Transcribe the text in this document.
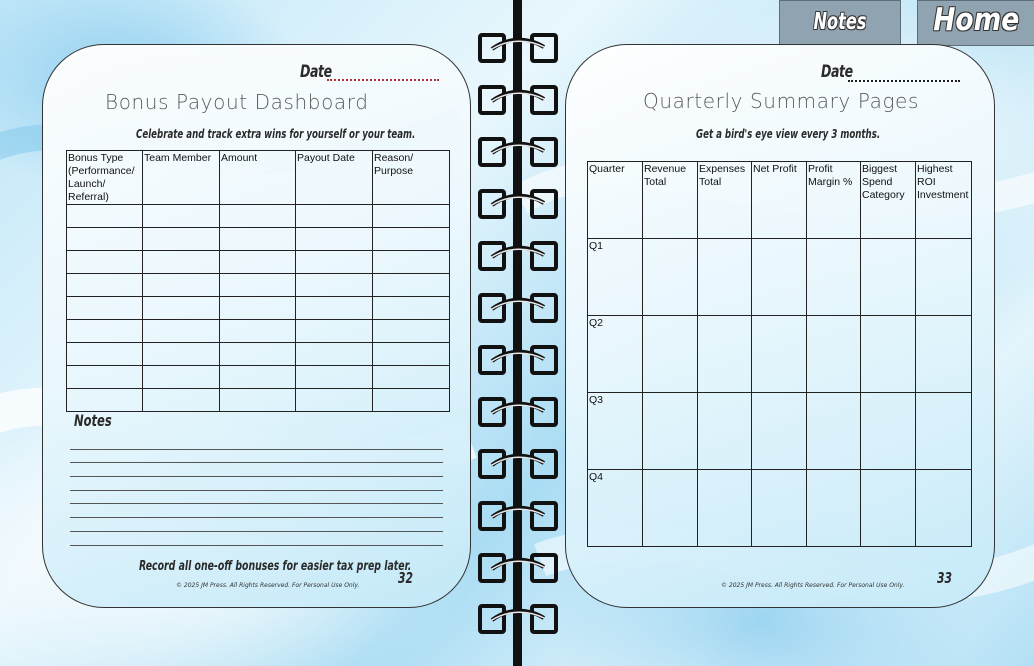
Notes	Home
Date
Bonus Payout Dashboard
Celebrate and track extra wins for yourself or your team.
Bonus Type (Performance/ Launch/ Referral)	Team Member	Amount	Payout Date	Reason/ Purpose

Notes
Record all one-off bonuses for easier tax prep later.
© 2025 JM Press. All Rights Reserved. For Personal Use Only.	32
Date
Quarterly Summary Pages
Get a bird's eye view every 3 months.
Quarter	Revenue Total	Expenses Total	Net Profit	Profit Margin %	Biggest Spend Category	Highest ROI Investment

Q1						

Q2						

Q3						

Q4						

© 2025 JM Press. All Rights Reserved. For Personal Use Only. 33
